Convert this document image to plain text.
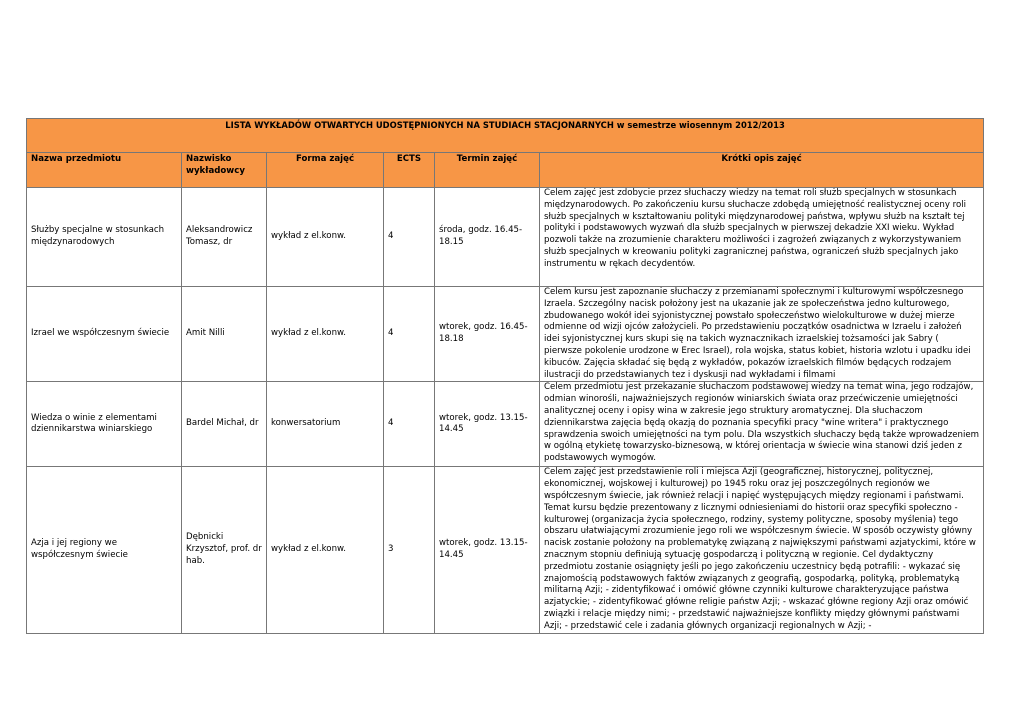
LISTA WYKŁADÓW OTWARTYCH UDOSTĘPNIONYCH NA STUDIACH STACJONARNYCH w semestrze wiosennym 2012/2013					
Nazwa przedmiotu	Nazwisko wykładowcy	Forma zajęć	ECTS	Termin zajęć	Krótki opis zajęć
Służby specjalne w stosunkach międzynarodowych	Aleksandrowicz Tomasz, dr	wykład z el.konw.	4	środa, godz. 16.45-18.15	Celem zajęć jest zdobycie przez słuchaczy wiedzy na temat roli służb specjalnych w stosunkach międzynarodowych. Po zakończeniu kursu słuchacze zdobędą umiejętność realistycznej oceny roli służb specjalnych w kształtowaniu polityki międzynarodowej państwa, wpływu służb na kształt tej polityki i podstawowych wyzwań dla służb specjalnych w pierwszej dekadzie XXI wieku. Wykład pozwoli także na zrozumienie charakteru możliwości i zagrożeń związanych z wykorzystywaniem służb specjalnych w kreowaniu polityki zagranicznej państwa, ograniczeń służb specjalnych jako instrumentu w rękach decydentów.
Izrael we współczesnym świecie	Amit Nilli	wykład z el.konw.	4	wtorek, godz. 16.45-18.18	Celem kursu jest zapoznanie słuchaczy z przemianami społecznymi i kulturowymi współczesnego Izraela. Szczególny nacisk położony jest na ukazanie jak ze społeczeństwa jedno kulturowego, zbudowanego wokół idei syjonistycznej powstało społeczeństwo wielokulturowe w dużej mierze odmienne od wizji ojców założycieli. Po przedstawieniu początków osadnictwa w Izraelu i założeń idei syjonistycznej kurs skupi się na takich wyznacznikach izraelskiej tożsamości jak Sabry ( pierwsze pokolenie urodzone w Erec Israel), rola wojska, status kobiet, historia wzlotu i upadku idei kibuców. Zajęcia składać się będą z wykładów, pokazów izraelskich filmów będących rodzajem ilustracji do przedstawianych tez i dyskusji nad wykładami i filmami
Wiedza o winie z elementami dziennikarstwa winiarskiego	Bardel Michał, dr	konwersatorium	4	wtorek, godz. 13.15-14.45	Celem przedmiotu jest przekazanie słuchaczom podstawowej wiedzy na temat wina, jego rodzajów, odmian winorośli, najważniejszych regionów winiarskich świata oraz przećwiczenie umiejętności analitycznej oceny i opisy wina w zakresie jego struktury aromatycznej. Dla słuchaczom dziennikarstwa zajęcia będą okazją do poznania specyfiki pracy "wine writera" i praktycznego sprawdzenia swoich umiejętności na tym polu. Dla wszystkich słuchaczy będą także wprowadzeniem w ogólną etykietę towarzysko-biznesową, w której orientacja w świecie wina stanowi dziś jeden z podstawowych wymogów.
Azja i jej regiony we współczesnym świecie	Dębnicki Krzysztof, prof. dr hab.	wykład z el.konw.	3	wtorek, godz. 13.15-14.45	Celem zajęć jest przedstawienie roli i miejsca Azji (geograficznej, historycznej, politycznej, ekonomicznej, wojskowej i kulturowej) po 1945 roku oraz jej poszczególnych regionów we współczesnym świecie, jak również relacji i napięć występujących między regionami i państwami. Temat kursu będzie prezentowany z licznymi odniesieniami do historii oraz specyfiki społeczno - kulturowej (organizacja życia społecznego, rodziny, systemy polityczne, sposoby myślenia) tego obszaru ułatwiającymi zrozumienie jego roli we współczesnym świecie. W sposób oczywisty główny nacisk zostanie położony na problematykę związaną z największymi państwami azjatyckimi, które w znacznym stopniu definiują sytuację gospodarczą i polityczną w regionie. Cel dydaktyczny przedmiotu zostanie osiągnięty jeśli po jego zakończeniu uczestnicy będą potrafili: - wykazać się znajomością podstawowych faktów związanych z geografią, gospodarką, polityką, problematyką militarną Azji; - zidentyfikować i omówić główne czynniki kulturowe charakteryzujące państwa azjatyckie; - zidentyfikować główne religie państw Azji; - wskazać główne regiony Azji oraz omówić związki i relacje między nimi; - przedstawić najważniejsze konflikty między głównymi państwami Azji; - przedstawić cele i zadania głównych organizacji regionalnych w Azji; -
